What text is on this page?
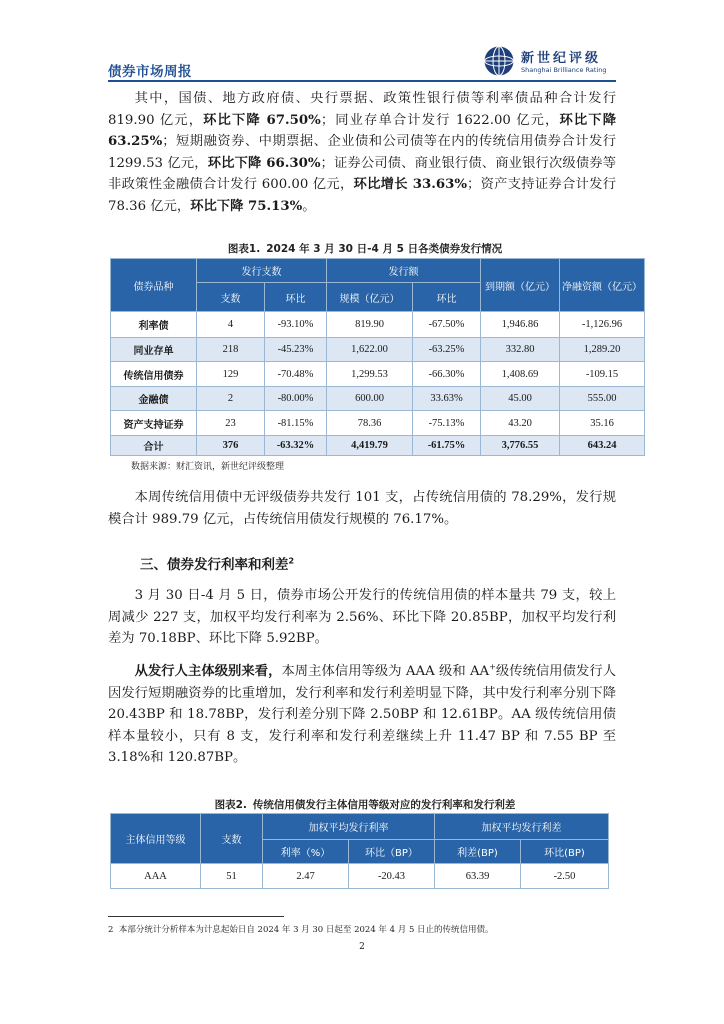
债券市场周报
新世纪评级
Shanghai Brilliance Rating
其中，国债、地方政府债、央行票据、政策性银行债等利率债品种合计发行 819.90 亿元，环比下降 67.50%；同业存单合计发行 1622.00 亿元，环比下降 63.25%；短期融资券、中期票据、企业债和公司债等在内的传统信用债券合计发行 1299.53 亿元，环比下降 66.30%；证券公司债、商业银行债、商业银行次级债券等非政策性金融债合计发行 600.00 亿元，环比增长 33.63%；资产支持证券合计发行 78.36 亿元，环比下降 75.13%。
图表1. 2024 年 3 月 30 日-4 月 5 日各类债券发行情况
债券品种	发行支数		发行额		到期额（亿元）	净融资额（亿元）
	支数	环比	规模（亿元）	环比		
利率债	4	-93.10%	819.90	-67.50%	1,946.86	-1,126.96
同业存单	218	-45.23%	1,622.00	-63.25%	332.80	1,289.20
传统信用债券	129	-70.48%	1,299.53	-66.30%	1,408.69	-109.15
金融债	2	-80.00%	600.00	33.63%	45.00	555.00
资产支持证券	23	-81.15%	78.36	-75.13%	43.20	35.16
合计	376	-63.32%	4,419.79	-61.75%	3,776.55	643.24
数据来源：财汇资讯，新世纪评级整理
本周传统信用债中无评级债券共发行 101 支，占传统信用债的 78.29%，发行规模合计 989.79 亿元，占传统信用债发行规模的 76.17%。
三、债券发行利率和利差$^2$
3 月 30 日-4 月 5 日，债券市场公开发行的传统信用债的样本量共 79 支，较上周减少 227 支，加权平均发行利率为 2.56%、环比下降 20.85BP，加权平均发行利差为 70.18BP、环比下降 5.92BP。
从发行人主体级别来看，本周主体信用等级为 AAA 级和 AA+级传统信用债发行人因发行短期融资券的比重增加，发行利率和发行利差明显下降，其中发行利率分别下降 20.43BP 和 18.78BP，发行利差分别下降 2.50BP 和 12.61BP。AA 级传统信用债样本量较小，只有 8 支，发行利率和发行利差继续上升 11.47 BP 和 7.55 BP 至 3.18%和 120.87BP。
图表2. 传统信用债发行主体信用等级对应的发行利率和发行利差
主体信用等级	支数	加权平均发行利率		加权平均发行利差	
		利率（%）	环比（BP）	利差(BP)	环比(BP)
AAA	51	2.47	-20.43	63.39	-2.50
2 本部分统计分析样本为计息起始日自 2024 年 3 月 30 日起至 2024 年 4 月 5 日止的传统信用债。
2
